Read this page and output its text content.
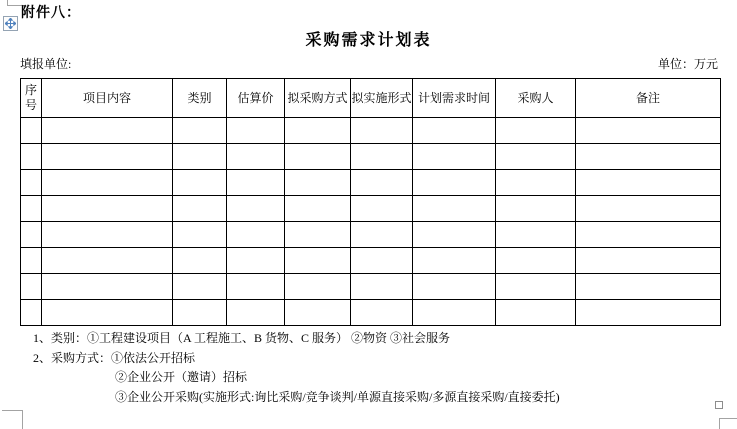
附件八：
采购需求计划表
填报单位:	单位：万元
序号	项目内容	类别	估算价	拟采购方式	拟实施形式	计划需求时间	采购人	备注

1、类别：①工程建设项目（A 工程施工、B 货物、C 服务） ②物资 ③社会服务
2、采购方式：①依法公开招标
②企业公开（邀请）招标
③企业公开采购(实施形式:询比采购/竞争谈判/单源直接采购/多源直接采购/直接委托)
